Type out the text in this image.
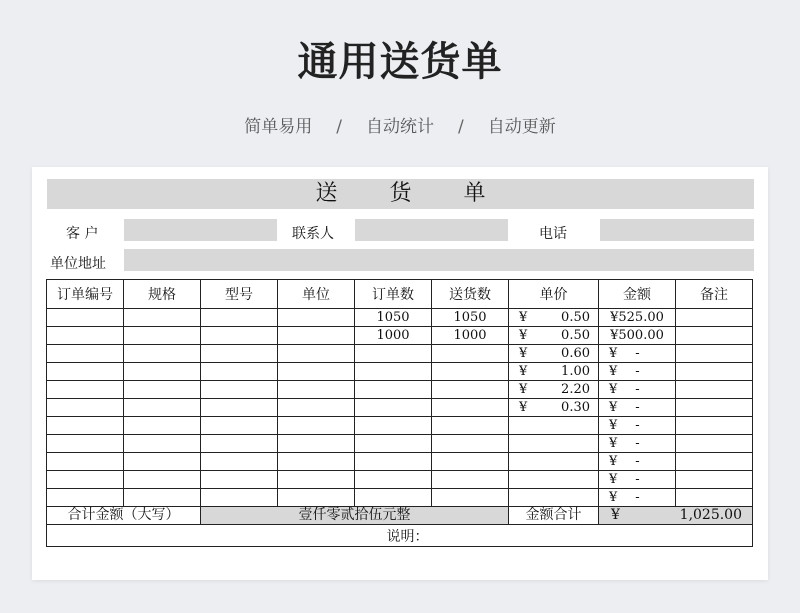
通用送货单
简单易用 / 自动统计 / 自动更新
送 货 单
客 户	联系人	电话
单位地址
订单编号	规格	型号	单位	订单数	送货数	单价	金额	备注
				1050	1050	¥ 0.50	¥525.00	
				1000	1000	¥ 0.50	¥500.00	

						¥ 0.60	¥ -	

						¥ 1.00	¥ -	

						¥ 2.20	¥ -	

						¥ 0.30	¥ -	

							¥ -	

							¥ -	

							¥ -	

							¥ -	

							¥ -	

合计金额（大写）		壹仟零贰拾伍元整				金额合计	¥ 1,025.00	

说明：								
